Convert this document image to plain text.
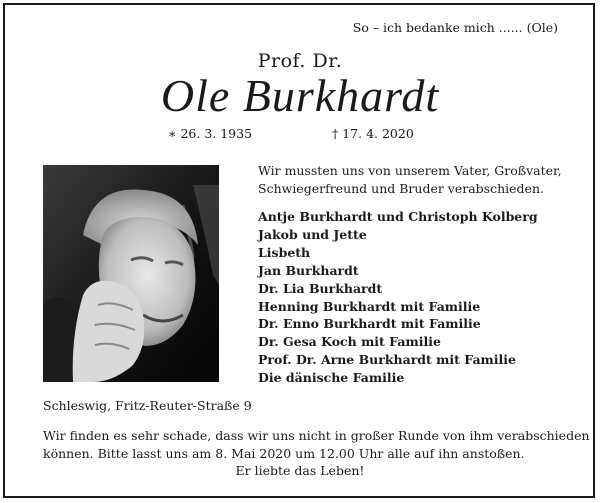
So – ich bedanke mich ...... (Ole)
Prof. Dr.
Ole Burkhardt
∗ 26. 3. 1935	† 17. 4. 2020
Wir mussten uns von unserem Vater, Großvater, Schwiegerfreund und Bruder verabschieden.
Antje Burkhardt und Christoph Kolberg
Jakob und Jette
Lisbeth
Jan Burkhardt
Dr. Lia Burkhardt
Henning Burkhardt mit Familie
Dr. Enno Burkhardt mit Familie
Dr. Gesa Koch mit Familie
Prof. Dr. Arne Burkhardt mit Familie
Die dänische Familie
Schleswig, Fritz-Reuter-Straße 9
Wir finden es sehr schade, dass wir uns nicht in großer Runde von ihm verabschieden
können. Bitte lasst uns am 8. Mai 2020 um 12.00 Uhr alle auf ihn anstoßen.
Er liebte das Leben!
